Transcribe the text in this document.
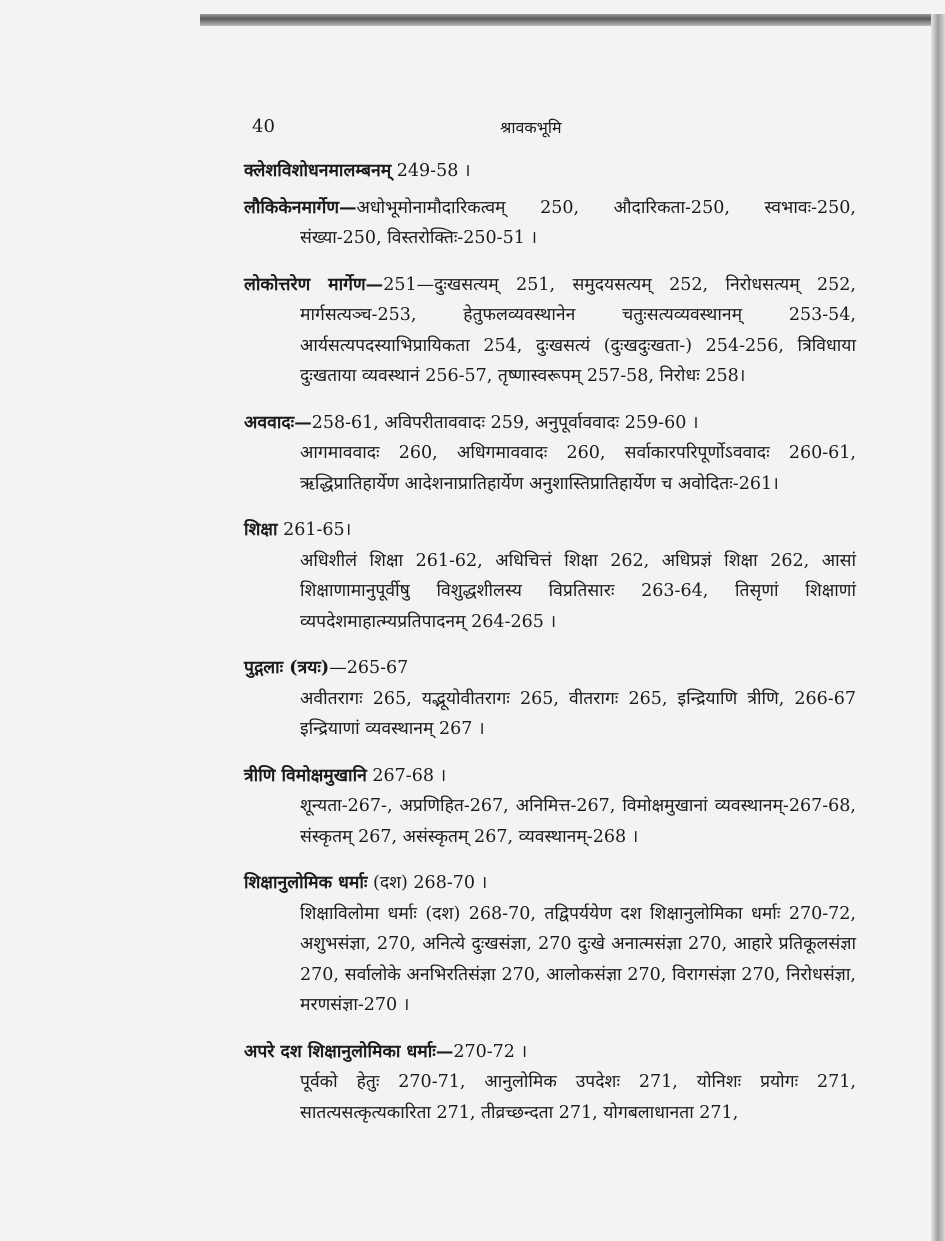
40	श्रावकभूमि
क्लेशविशोधनमालम्बनम् 249-58 ।
लौकिकेनमार्गेण—अधोभूमोनामौदारिकत्वम् 250, औदारिकता-250, स्वभावः-250, संख्या-250, विस्तरोक्तिः-250-51 ।
लोकोत्तरेण मार्गेण—251—दुःखसत्यम् 251, समुदयसत्यम् 252, निरोधसत्यम् 252, मार्गसत्यञ्च-253, हेतुफलव्यवस्थानेन चतुःसत्यव्यवस्थानम् 253-54, आर्यसत्यपदस्याभिप्रायिकता 254, दुःखसत्यं (दुःखदुःखता-) 254-256, त्रिविधाया दुःखताया व्यवस्थानं 256-57, तृष्णास्वरूपम् 257-58, निरोधः 258।
अववादः—258-61, अविपरीताववादः 259, अनुपूर्वाववादः 259-60 ।
आगमाववादः 260, अधिगमाववादः 260, सर्वाकारपरिपूर्णोऽववादः 260-61, ऋद्धिप्रातिहार्येण आदेशनाप्रातिहार्येण अनुशास्तिप्रातिहार्येण च अवोदितः-261।
शिक्षा 261-65।
अधिशीलं शिक्षा 261-62, अधिचित्तं शिक्षा 262, अधिप्रज्ञं शिक्षा 262, आसां शिक्षाणामानुपूर्वीषु विशुद्धशीलस्य विप्रतिसारः 263-64, तिसृणां शिक्षाणां व्यपदेशमाहात्म्यप्रतिपादनम् 264-265 ।
पुद्गलाः (त्रयः)—265-67
अवीतरागः 265, यद्भूयोवीतरागः 265, वीतरागः 265, इन्द्रियाणि त्रीणि, 266-67 इन्द्रियाणां व्यवस्थानम् 267 ।
त्रीणि विमोक्षमुखानि 267-68 ।
शून्यता-267-, अप्रणिहित-267, अनिमित्त-267, विमोक्षमुखानां व्यवस्थानम्-267-68, संस्कृतम् 267, असंस्कृतम् 267, व्यवस्थानम्-268 ।
शिक्षानुलोमिक धर्माः (दश) 268-70 ।
शिक्षाविलोमा धर्माः (दश) 268-70, तद्विपर्ययेण दश शिक्षानुलोमिका धर्माः 270-72, अशुभसंज्ञा, 270, अनित्ये दुःखसंज्ञा, 270 दुःखे अनात्मसंज्ञा 270, आहारे प्रतिकूलसंज्ञा 270, सर्वालोके अनभिरतिसंज्ञा 270, आलोकसंज्ञा 270, विरागसंज्ञा 270, निरोधसंज्ञा, मरणसंज्ञा-270 ।
अपरे दश शिक्षानुलोमिका धर्माः—270-72 ।
पूर्वको हेतुः 270-71, आनुलोमिक उपदेशः 271, योनिशः प्रयोगः 271, सातत्यसत्कृत्यकारिता 271, तीव्रच्छन्दता 271, योगबलाधानता 271,
